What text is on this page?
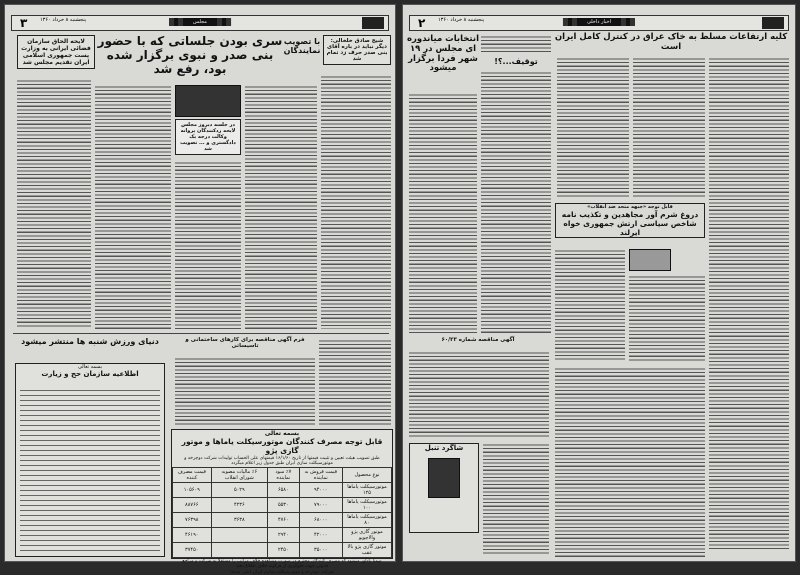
۳	پنجشنبه ۸ خرداد ۱۳۶۰	مجلس
لایحه الحاق سازمان فضائی ایرانی به وزارت پست جمهوری اسلامی ایران تقدیم مجلس شد
سری بودن جلساتی که با حضور بنی صدر و نبوی برگزار شده بود، رفع شد
با تصویب نمایندگان
شیخ صادق خلخالی: دیگر نباید در باره آقای بنی صدر حرف زد تمام شد
در جلسه دیروز مجلس لایحه ردکنندگان پروانه وکالت درجه یک دادگستری و ... تصویب شد
دنیای ورزش شنبه ها منتشر میشود
بسمه تعالی
اطلاعیه سازمان حج و زیارت
فرم آگهی مناقصه برای کارهای ساختمانی و تاسیساتی
بسمه تعالی
قابل توجه مصرف کنندگان موتورسیکلت یاماها و موتور گازی پژو
طبق تصویب هیئت تعیین و تثبیت قیمتها از تاریخ ۱۶/۱/۶۰ قیمتهای علی الحساب تولیدات شرکت دوچرخه و موتورسیکلت سازی ایران طبق جدول زیر اعلام میگردد
نوع محصول	قیمت فروش به نماینده	٪۷ سود نماینده	٪۶ مالیات مصوبه شورای انقلاب	قیمت مصرف کننده
موتورسیکلت یاماها ۱۲۵	۹۴۰۰۰	۶۵۸۰	۵۰۲۹	۱۰۵۶۰۹
موتورسیکلت یاماها ۱۰۰	۷۹۰۰۰	۵۵۳۰	۴۲۳۶	۸۸۷۶۶
موتورسیکلت یاماها ۸۰	۶۸۰۰۰	۴۷۶۰	۳۶۳۸	۷۶۳۹۸
موتور گازی پژو والاچوپو	۴۲۰۰۰	۲۹۴۰		۴۶۱۹۰
موتور گازی پژو بالا عقب	۳۵۰۰۰	۲۴۵۰		۳۷۴۵۰
ضمنا یادآور میشود که مصرف کنندگان محترم در صورت مشاهده خلاف مراتب را مستقلا به شرکت و مراجع قانونی جهت جلوگیری از هرگونه خلاف اطلاع دهند
شرکت دوچرخه و موتورسیکلت سازی ایران (ملی شده)
۲	پنجشنبه ۸ خرداد ۱۳۶۰	اخبار داخلی
انتخابات میاندوره ای مجلس در ۱۹ شهر فردا برگزار میشود
توقیف...؟!
کلیه ارتفاعات مسلط به خاک عراق در کنترل کامل ایران است
قابل توجه «جبهه متحد ضد انقلاب»
دروغ شرم آور مجاهدین و تکذیب نامه شاخص سیاسی ارتش جمهوری خواه ایرلند
آگهی مناقصه شماره ۶۰/۲۳
شاگرد تنبل
